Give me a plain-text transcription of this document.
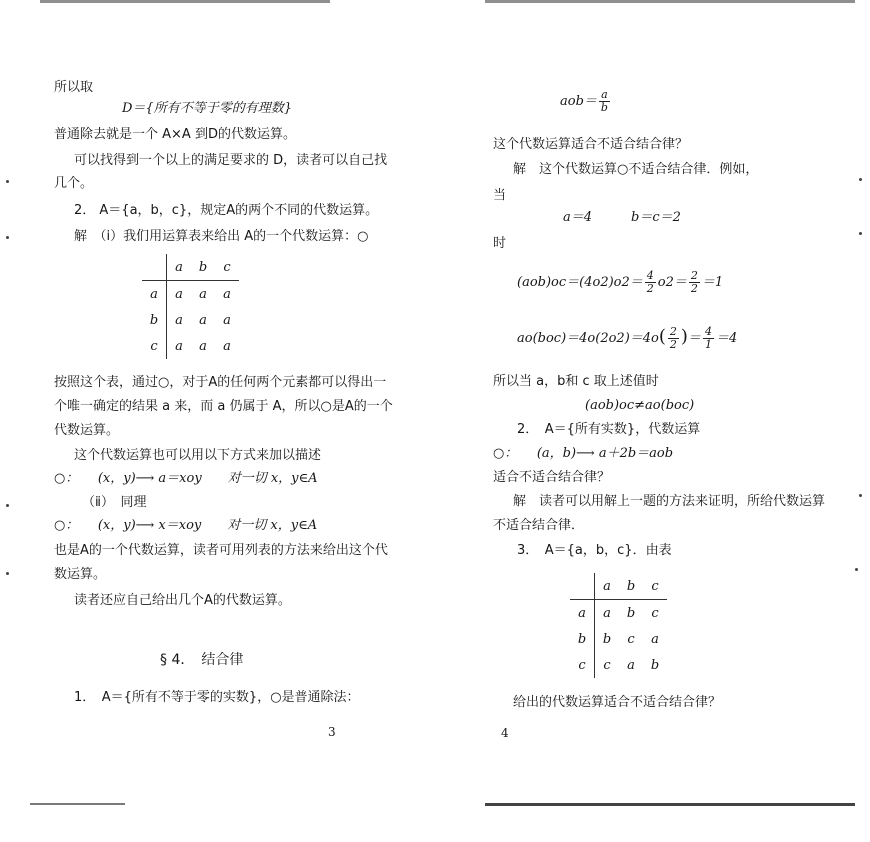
所以取
D＝{所有不等于零的有理数}
普通除去就是一个 A×A 到D的代数运算。
可以找得到一个以上的满足要求的 D，读者可以自己找
几个。
2． A＝{a，b，c}，规定A的两个不同的代数运算。
解　（ⅰ）我们用运算表来给出 A的一个代数运算：○
	a	b	c
a	a	a	a
b	a	a	a
c	a	a	a
按照这个表，通过○，对于A的任何两个元素都可以得出一
个唯一确定的结果 a 来，而 a 仍属于 A，所以○是A的一个
代数运算。
这个代数运算也可以用以下方式来加以描述
○：　　(x，y)⟶ a＝xoy　　对一切 x，y∈A
（ⅱ）　同理
○：　　(x，y)⟶ x＝xoy　　对一切 x，y∈A
也是A的一个代数运算，读者可用列表的方法来给出这个代
数运算。
读者还应自己给出几个A的代数运算。
§ 4．　结合律
1．　A＝{所有不等于零的实数}，○是普通除法：
3
$aob= \frac{a}{b}$
这个代数运算适合不适合结合律？
解　这个代数运算○不适合结合律．例如，
当
a＝4　　　b＝c＝2
时
$(aob)oc=(4o2)o2= \frac{4}{2} o2= \frac{2}{2} =1$
$ao(boc)=4o(2o2)=4o( \frac{2}{2}$ )＝ $\frac{4}{1} =4$
所以当 a，b和 c 取上述值时
(aob)oc≠ao(boc)
2．　A＝{所有实数}，代数运算
○：　　(a，b)⟶ a＋2b＝aob
适合不适合结合律？
解　读者可以用解上一题的方法来证明，所给代数运算
不适合结合律．
3．　A＝{a，b，c}．由表
	a	b	c
a	a	b	c
b	b	c	a
c	c	a	b
给出的代数运算适合不适合结合律？
4
